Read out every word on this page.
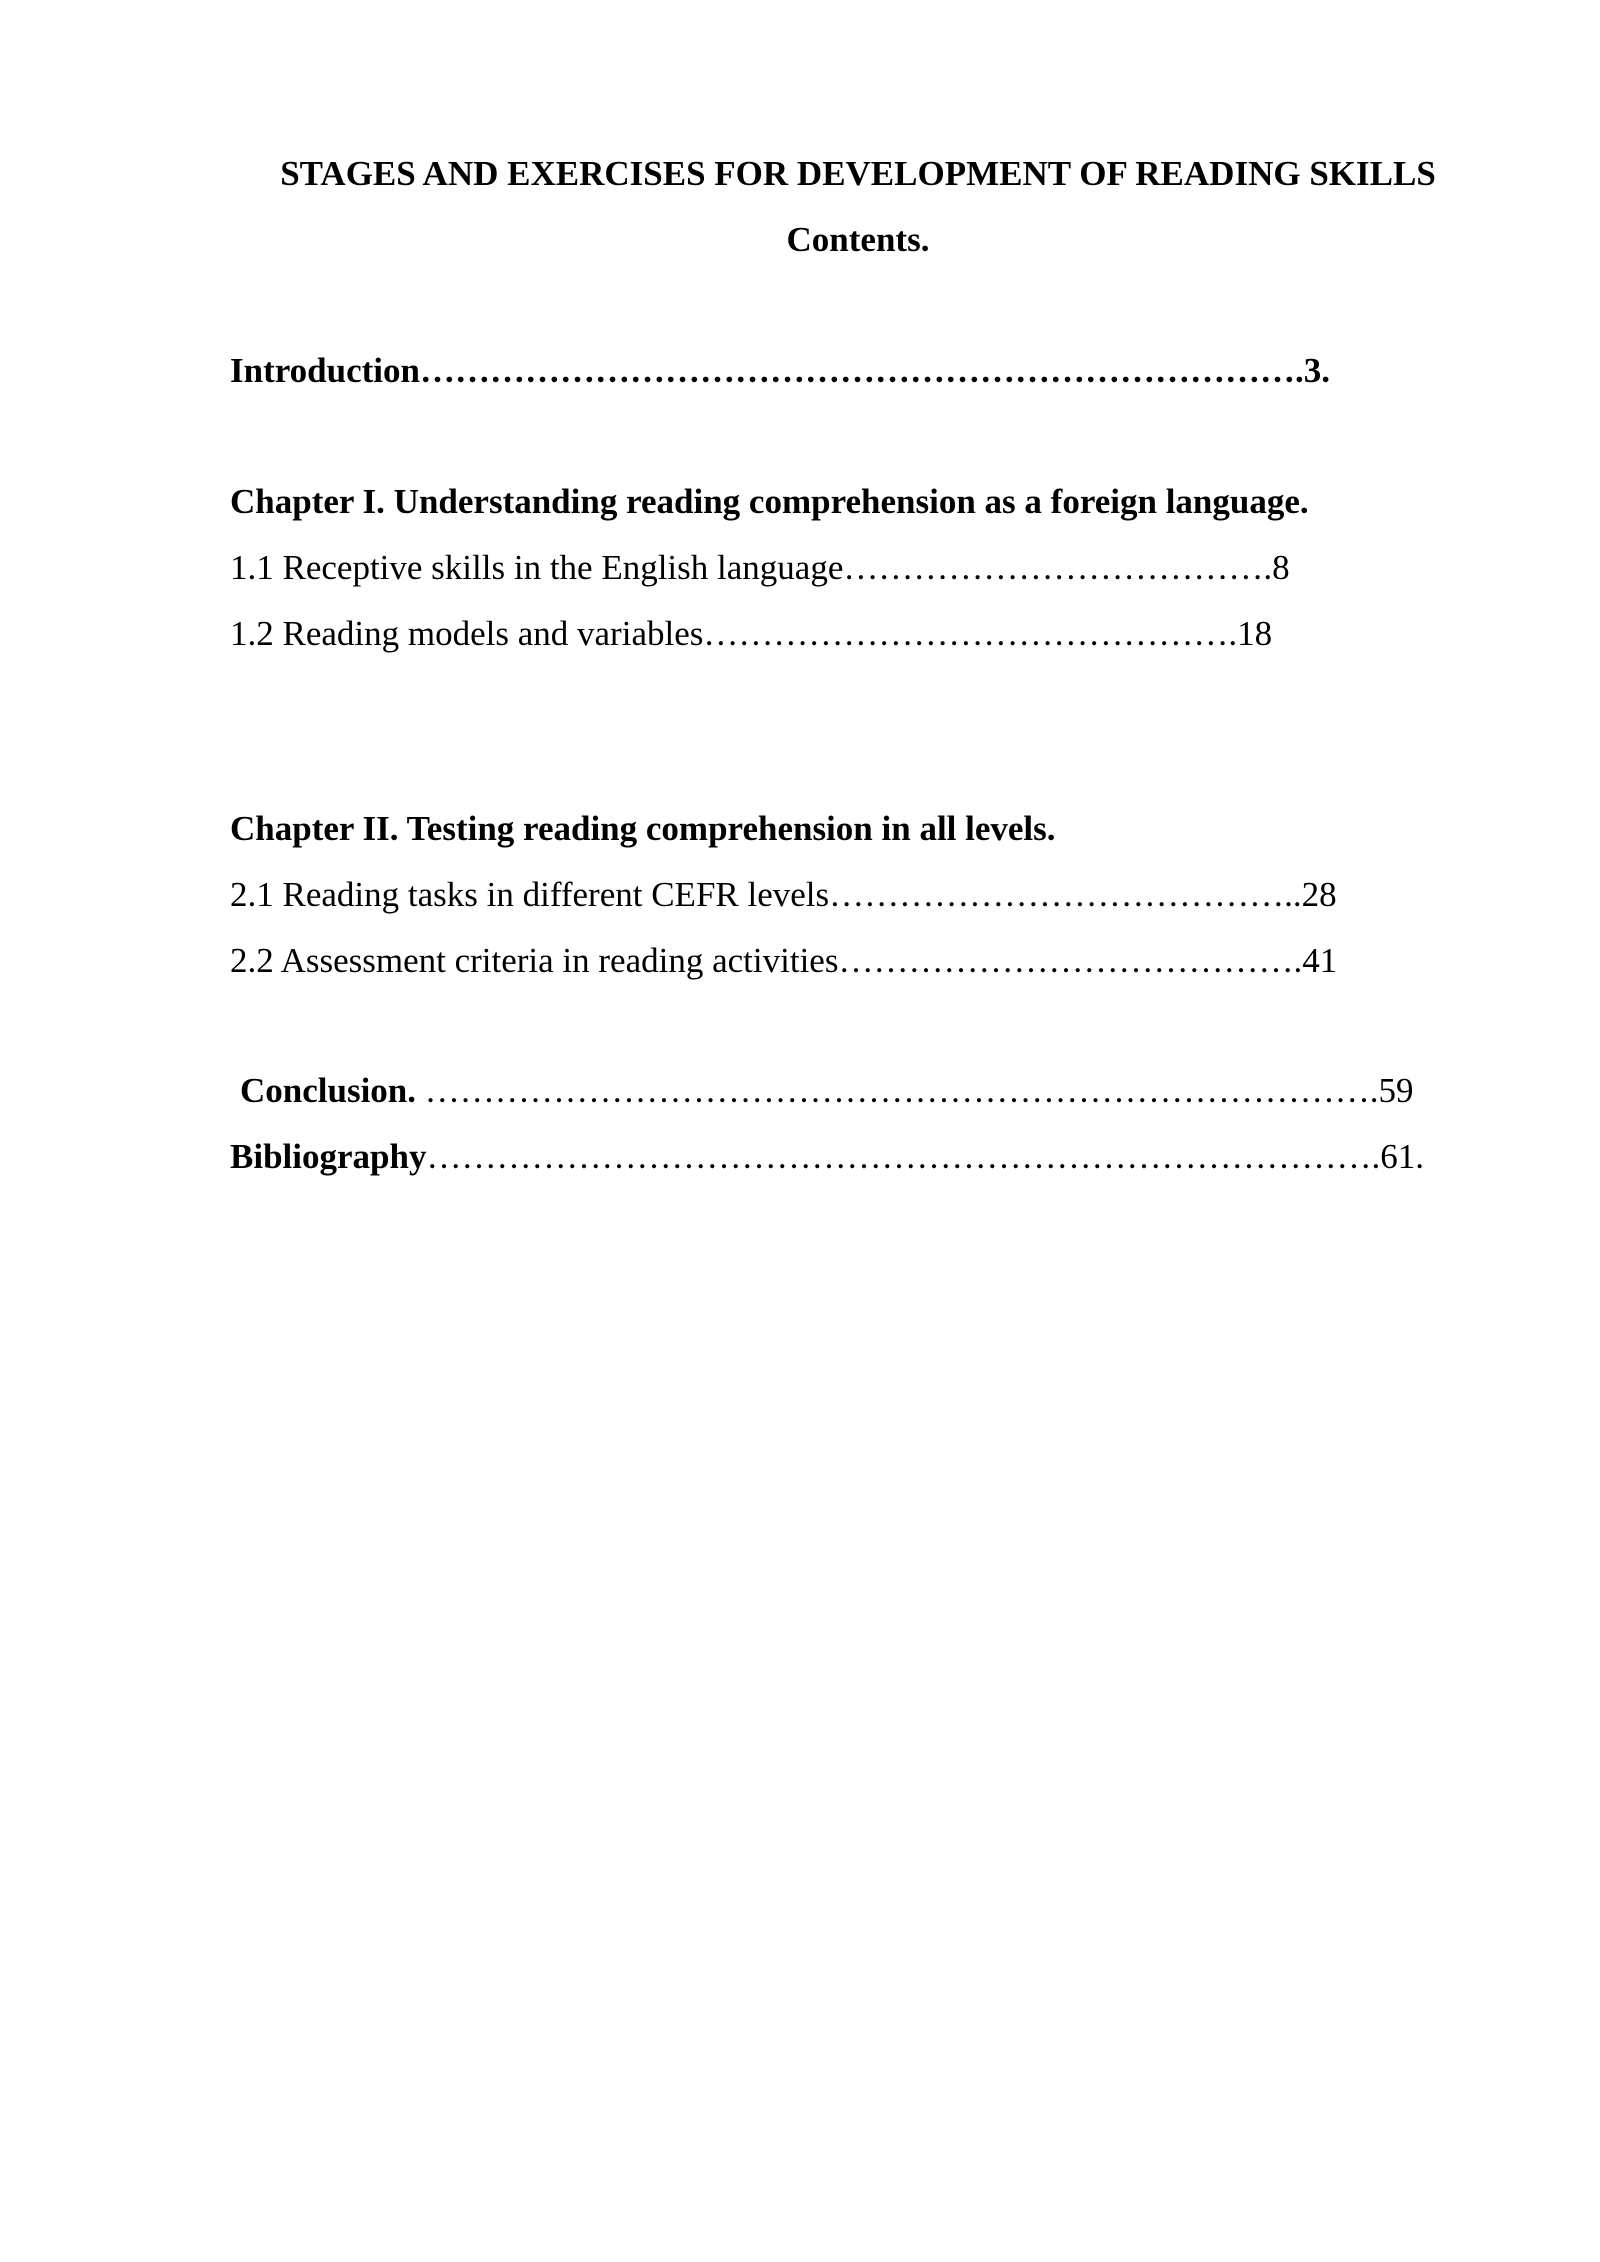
STAGES AND EXERCISES FOR DEVELOPMENT OF READING SKILLS
Contents.
Introduction………………………………………………………………….3.
Chapter I. Understanding reading comprehension as a foreign language.
1.1 Receptive skills in the English language……………………………….8
1.2 Reading models and variables……………………………………….18
Chapter II. Testing reading comprehension in all levels.
2.1 Reading tasks in different CEFR levels…………………………………..28
2.2 Assessment criteria in reading activities………………………………….41
Conclusion. ……………………………………………………………………….59
Bibliography……………………………………………………………………….61.
